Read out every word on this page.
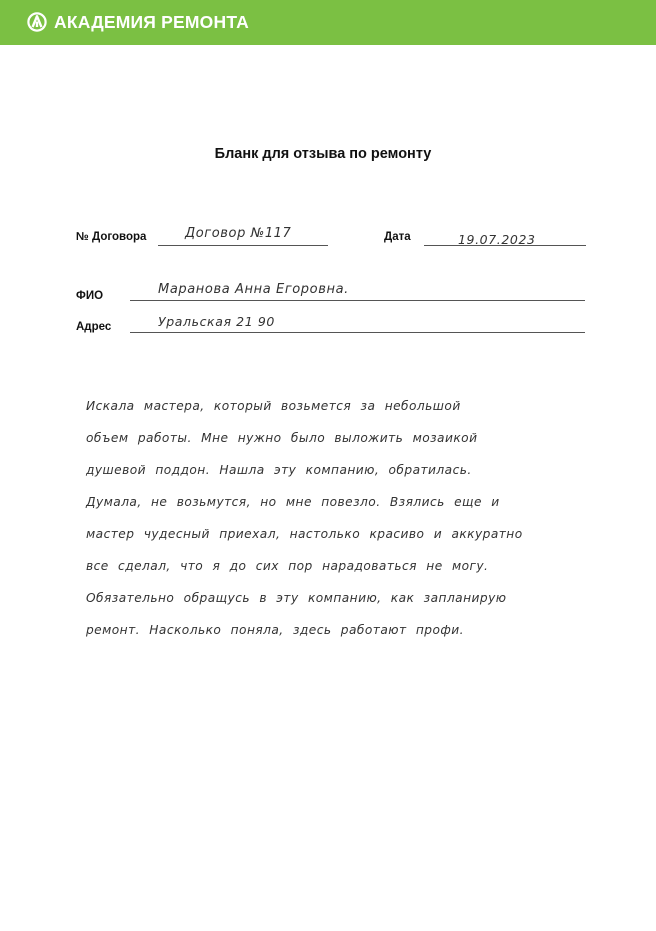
АКАДЕМИЯ РЕМОНТА
Бланк для отзыва по ремонту
№ Договора	Договор №117	Дата	19.07.2023
ФИО	Маранова Анна Егоровна.
Адрес	Уральская 21 90
Искала мастера, который возьмется за небольшой
объем работы. Мне нужно было выложить мозаикой
душевой поддон. Нашла эту компанию, обратилась.
Думала, не возьмутся, но мне повезло. Взялись еще и
мастер чудесный приехал, настолько красиво и аккуратно
все сделал, что я до сих пор нарадоваться не могу.
Обязательно обращусь в эту компанию, как запланирую
ремонт. Насколько поняла, здесь работают профи.
